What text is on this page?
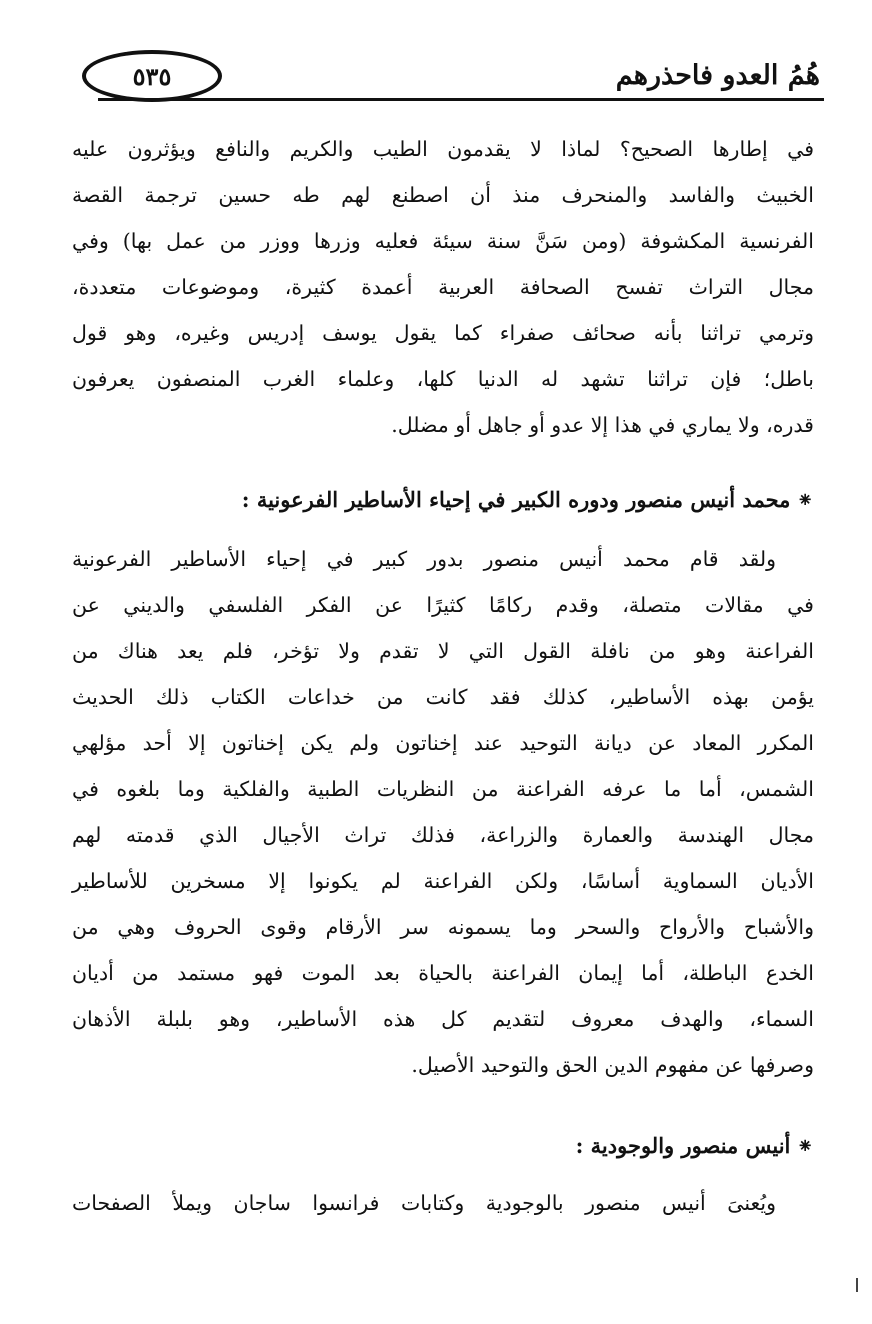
هُمُ العدو فاحذرهم
٥٣٥
في إطارها الصحيح؟ لماذا لا يقدمون الطيب والكريم والنافع ويؤثرون عليه
الخبيث والفاسد والمنحرف منذ أن اصطنع لهم طه حسين ترجمة القصة
الفرنسية المكشوفة (ومن سَنَّ سنة سيئة فعليه وزرها ووزر من عمل بها) وفي
مجال التراث تفسح الصحافة العربية أعمدة كثيرة، وموضوعات متعددة،
وترمي تراثنا بأنه صحائف صفراء كما يقول يوسف إدريس وغيره، وهو قول
باطل؛ فإن تراثنا تشهد له الدنيا كلها، وعلماء الغرب المنصفون يعرفون
قدره، ولا يماري في هذا إلا عدو أو جاهل أو مضلل.
⁕محمد أنيس منصور ودوره الكبير في إحياء الأساطير الفرعونية :
ولقد قام محمد أنيس منصور بدور كبير في إحياء الأساطير الفرعونية
في مقالات متصلة، وقدم ركامًا كثيرًا عن الفكر الفلسفي والديني عن
الفراعنة وهو من نافلة القول التي لا تقدم ولا تؤخر، فلم يعد هناك من
يؤمن بهذه الأساطير، كذلك فقد كانت من خداعات الكتاب ذلك الحديث
المكرر المعاد عن ديانة التوحيد عند إخناتون ولم يكن إخناتون إلا أحد مؤلهي
الشمس، أما ما عرفه الفراعنة من النظريات الطبية والفلكية وما بلغوه في
مجال الهندسة والعمارة والزراعة، فذلك تراث الأجيال الذي قدمته لهم
الأديان السماوية أساسًا، ولكن الفراعنة لم يكونوا إلا مسخرين للأساطير
والأشباح والأرواح والسحر وما يسمونه سر الأرقام وقوى الحروف وهي من
الخدع الباطلة، أما إيمان الفراعنة بالحياة بعد الموت فهو مستمد من أديان
السماء، والهدف معروف لتقديم كل هذه الأساطير، وهو بلبلة الأذهان
وصرفها عن مفهوم الدين الحق والتوحيد الأصيل.
⁕أنيس منصور والوجودية :
ويُعنىَ أنيس منصور بالوجودية وكتابات فرانسوا ساجان ويملأ الصفحات
